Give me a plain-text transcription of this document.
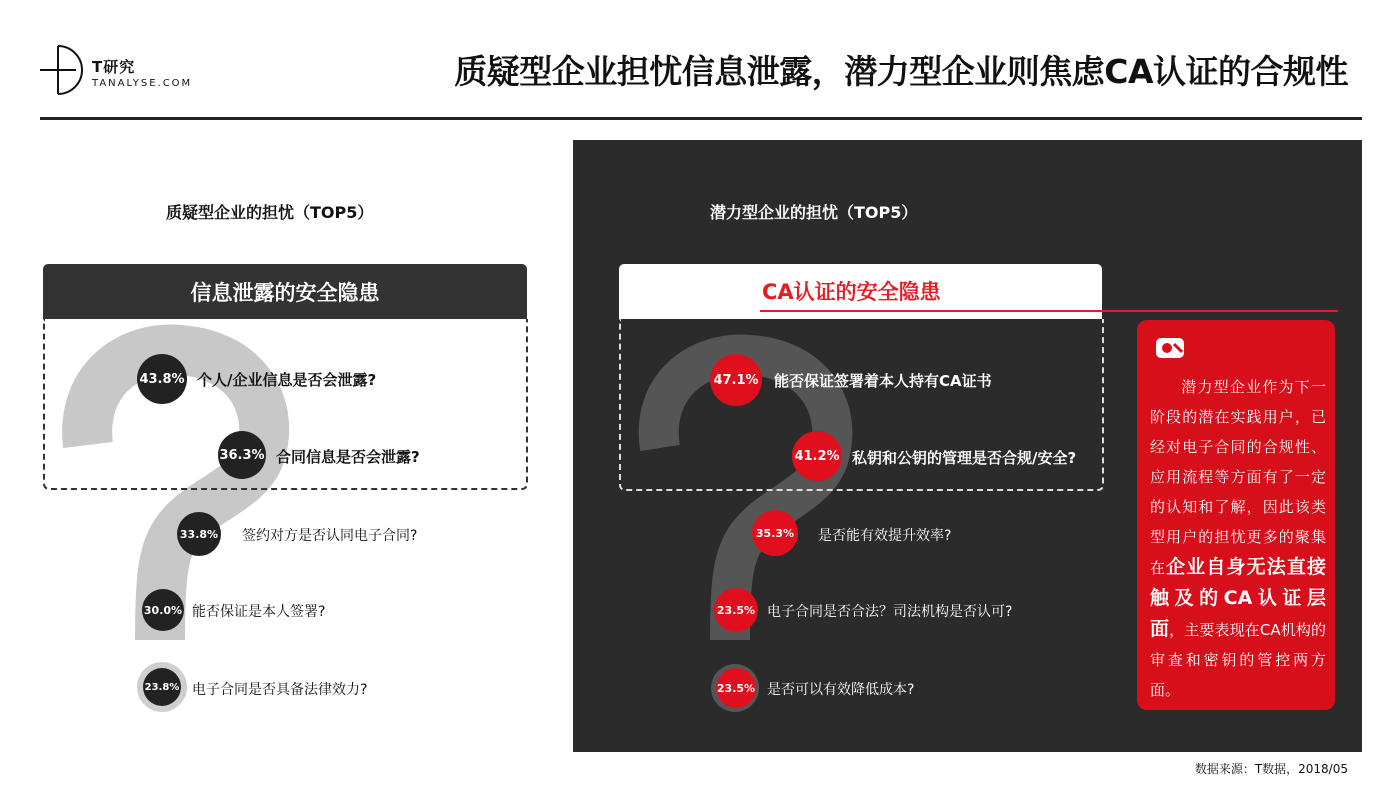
T研究
TANALYSE.COM	质疑型企业担忧信息泄露，潜力型企业则焦虑CA认证的合规性
质疑型企业的担忧（TOP5）
信息泄露的安全隐患
43.8% 个人/企业信息是否会泄露?
36.3% 合同信息是否会泄露?
33.8% 签约对方是否认同电子合同?
30.0% 能否保证是本人签署?
23.8% 电子合同是否具备法律效力?
潜力型企业的担忧（TOP5）
CA认证的安全隐患
47.1% 能否保证签署着本人持有CA证书
41.2% 私钥和公钥的管理是否合规/安全?
35.3% 是否能有效提升效率?
23.5% 电子合同是否合法？司法机构是否认可?
23.5% 是否可以有效降低成本?
潜力型企业作为下一阶段的潜在实践用户，已经对电子合同的合规性、应用流程等方面有了一定的认知和了解，因此该类型用户的担忧更多的聚集在企业自身无法直接触及的CA认证层面，主要表现在CA机构的审查和密钥的管控两方面。
数据来源：T数据，2018/05
